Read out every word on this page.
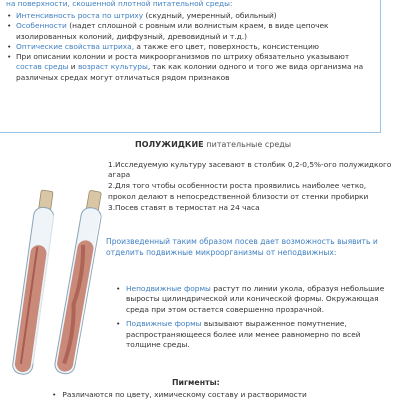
на поверхности, скошенной плотной питательной среды:
• Интенсивность роста по штриху (скудный, умеренный, обильный)
• Особенности (надет сплошной с ровным или волнистым краем, в виде цепочек изолированных колоний, диффузный, древовидный и т.д.)
• Оптические свойства штриха, а также его цвет, поверхность, консистенцию
• При описании колонии и роста микроорганизмов по штриху обязательно указывают состав среды и возраст культуры, так как колонии одного и того же вида организма на различных средах могут отличаться рядом признаков
ПОЛУЖИДКИЕ питательные среды
1.Исследуемую культуру засевают в столбик 0,2-0,5%-ого полужидкого агара
2.Для того чтобы особенности роста проявились наиболее четко, прокол делают в непосредственной близости от стенки пробирки
3.Посев ставят в термостат на 24 часа
Произведенный таким образом посев дает возможность выявить и отделить подвижные микроорганизмы от неподвижных:
• Неподвижные формы растут по линии укола, образуя небольшие выросты цилиндрической или конической формы. Окружающая среда при этом остается совершенно прозрачной.
• Подвижные формы вызывают выраженное помутнение, распространяющееся более или менее равномерно по всей толщине среды.
Пигменты:
• Различаются по цвету, химическому составу и растворимости
